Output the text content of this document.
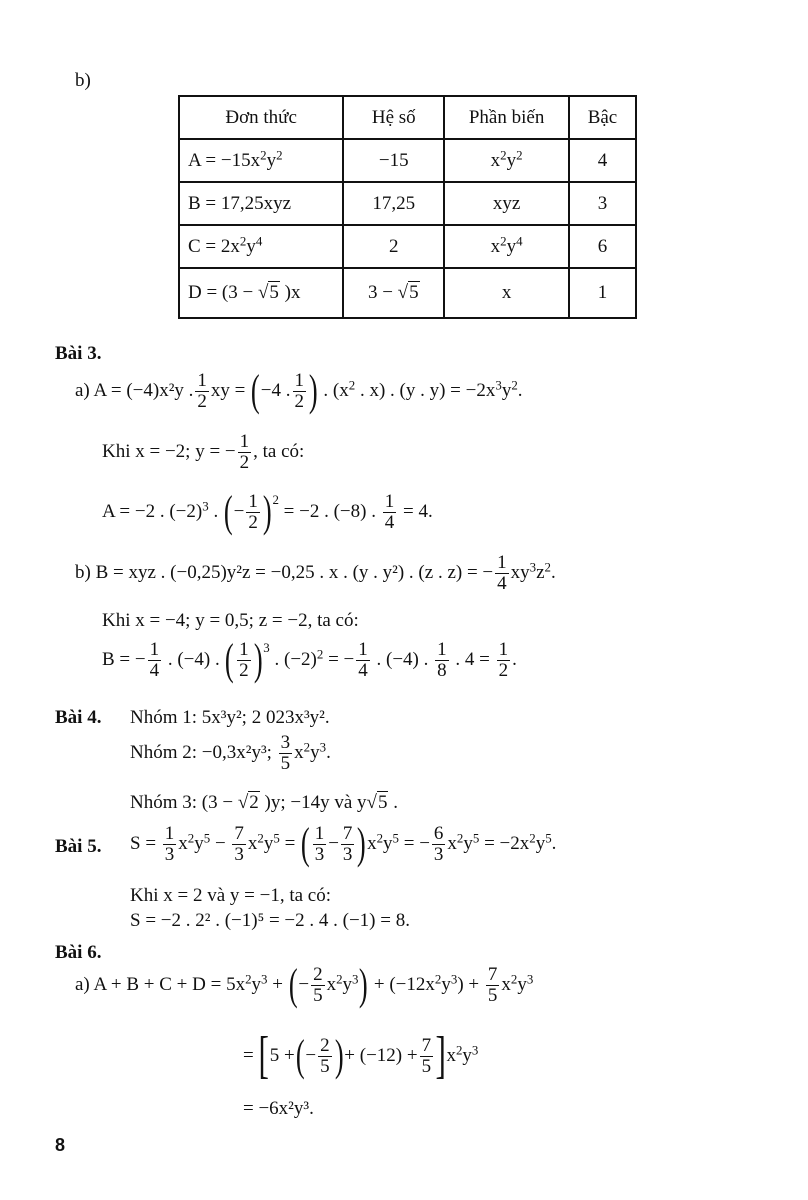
b)
Đơn thức	Hệ số	Phần biến	Bậc
$A = -15x^2y^2$	−15	$x^2y^2$	4
B = 17,25xyz	17,25	xyz	3
$C = 2x^2y^4$	2	$x^2y^4$	6
D = (3 − √5 )x	3 − √5	x	1
Bài 3.
a) A = (−4)x²y . $\frac{1}{2}$ xy = ( −4 . $\frac{1}{2}$ ) . ($x^2$ . x) . (y . $y) = -2x^3y^2$.
Khi x = −2; y = − $\frac{1}{2}$ , ta có:
A = −2 . $(-2)^3$ . ( − $\frac{1}{2} )^2$
= −2 . (−8) . $\frac{1}{4} = 4$.
b) B = xyz . (−0,25)y²z = −0,25 . x . (y . y²) . (z . z) = − $\frac{1}{4} xy^3z^2$.
Khi x = −4; y = 0,5; z = −2, ta có:
B = − $\frac{1}{4}$ . (−4) . ( $\frac{1}{2} )^3$
. $(-2)^2$ = − $\frac{1}{4}$ . (−4) . $\frac{1}{8}$ . $4 = \frac{1}{2}$ .
Bài 4. Nhóm 1: 5x³y²; 2 023x³y².
Nhóm 2: −0,3x²y³;
$\frac{3}{5} x^2y^3$.
Nhóm 3: (3 − √2 )y; −14y và y√5 .
Bài 5. $S = \frac{1}{3} x^2y^5 - \frac{7}{3} x^2y^5$ = ( $\frac{1}{3} - \frac{7}{3}$ ) $x^2y^5$ = − $\frac{6}{3} x^2y^5 = -2x^2y^5$.
Khi x = 2 và y = −1, ta có:
S = −2 . 2² . (−1)⁵ = −2 . 4 . (−1) = 8.
Bài 6.
a) $A + B + C + D = 5x^2y^3$ + ( − $\frac{2}{5} x^2y^3$ ) + $(-12x^2y^3) + \frac{7}{5} x^2y^3$
= [ 5 + ( − $\frac{2}{5}$ ) + $(-12) + \frac{7}{5}$ ] $x^2y^3$
= −6x²y³.
8
